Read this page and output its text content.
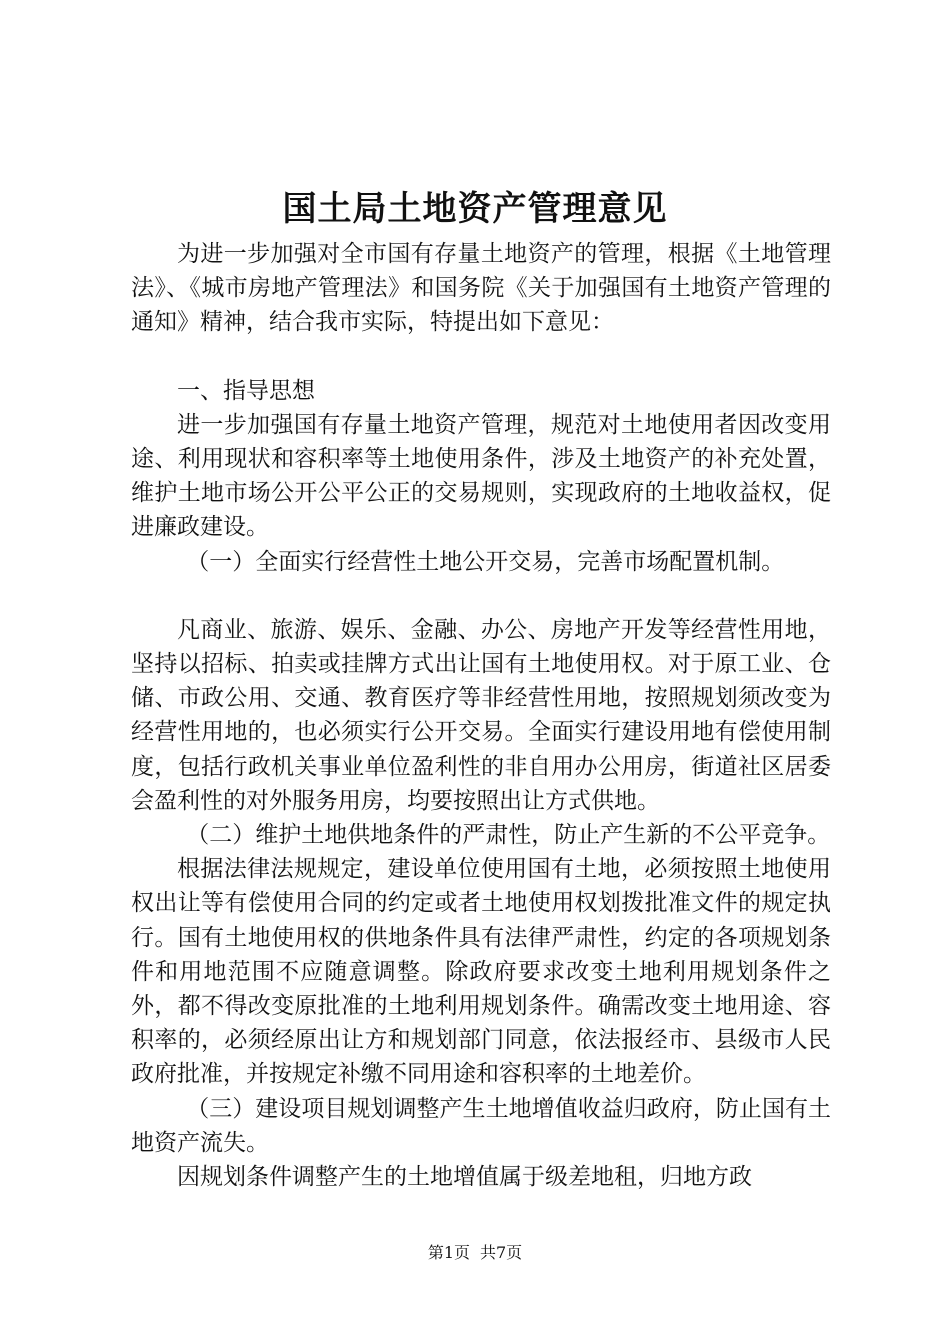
国土局土地资产管理意见

为进一步加强对全市国有存量土地资产的管理，根据《土地管理法》、《城市房地产管理法》和国务院《关于加强国有土地资产管理的通知》精神，结合我市实际，特提出如下意见：

一、指导思想

进一步加强国有存量土地资产管理，规范对土地使用者因改变用途、利用现状和容积率等土地使用条件，涉及土地资产的补充处置，维护土地市场公开公平公正的交易规则，实现政府的土地收益权，促进廉政建设。

（一）全面实行经营性土地公开交易，完善市场配置机制。

凡商业、旅游、娱乐、金融、办公、房地产开发等经营性用地，坚持以招标、拍卖或挂牌方式出让国有土地使用权。对于原工业、仓储、市政公用、交通、教育医疗等非经营性用地，按照规划须改变为经营性用地的，也必须实行公开交易。全面实行建设用地有偿使用制度，包括行政机关事业单位盈利性的非自用办公用房，街道社区居委会盈利性的对外服务用房，均要按照出让方式供地。

（二）维护土地供地条件的严肃性，防止产生新的不公平竞争。

根据法律法规规定，建设单位使用国有土地，必须按照土地使用权出让等有偿使用合同的约定或者土地使用权划拨批准文件的规定执行。国有土地使用权的供地条件具有法律严肃性，约定的各项规划条件和用地范围不应随意调整。除政府要求改变土地利用规划条件之外，都不得改变原批准的土地利用规划条件。确需改变土地用途、容积率的，必须经原出让方和规划部门同意，依法报经市、县级市人民政府批准，并按规定补缴不同用途和容积率的土地差价。

（三）建设项目规划调整产生土地增值收益归政府，防止国有土地资产流失。

因规划条件调整产生的土地增值属于级差地租，归地方政

第1页 共7页
